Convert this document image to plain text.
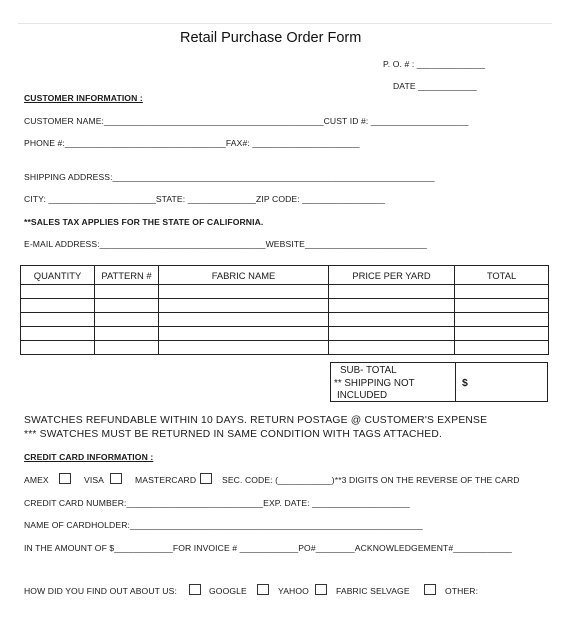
Retail Purchase Order Form
P. O. # : ______________
DATE ____________
CUSTOMER INFORMATION :
CUSTOMER NAME:_____________________________________________CUST ID #: ____________________
PHONE #:_________________________________FAX#: ______________________
SHIPPING ADDRESS:__________________________________________________________________
CITY: ______________________STATE: ______________ZIP CODE: _________________
**SALES TAX APPLIES FOR THE STATE OF CALIFORNIA.
E-MAIL ADDRESS:__________________________________WEBSITE_________________________
QUANTITY	PATTERN #	FABRIC NAME	PRICE PER YARD	TOTAL

SUB- TOTAL
** SHIPPING NOT
INCLUDED
$
SWATCHES REFUNDABLE WITHIN 10 DAYS. RETURN POSTAGE @ CUSTOMER'S EXPENSE
*** SWATCHES MUST BE RETURNED IN SAME CONDITION WITH TAGS ATTACHED.
CREDIT CARD INFORMATION :
AMEX	VISA	MASTERCARD	SEC. CODE: (___________)**3 DIGITS ON THE REVERSE OF THE CARD
CREDIT CARD NUMBER:____________________________EXP. DATE: ____________________
NAME OF CARDHOLDER:____________________________________________________________
IN THE AMOUNT OF $____________FOR INVOICE # ____________PO#________ACKNOWLEDGEMENT#____________
HOW DID YOU FIND OUT ABOUT US:	GOOGLE	YAHOO	FABRIC SELVAGE	OTHER:
